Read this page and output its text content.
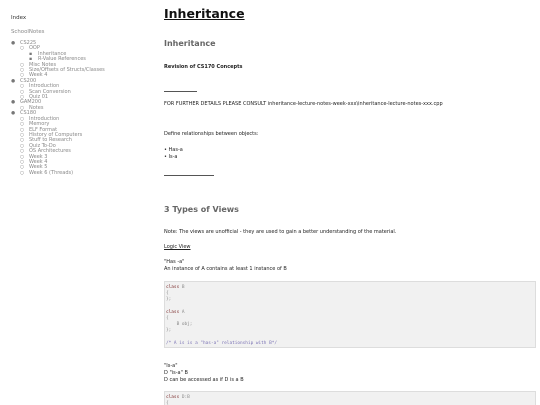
Index
SchoolNotes
● CS225
○ OOP
▪ Inheritance
▪ R-Value References
○ Misc Notes
○ Size/Offsets of Structs/Classes
○ Week 4
● CS200
○ Introduction
○ Scan Conversion
○ Quiz 01
● GAM200
○ Notes
● CS180
○ Introduction
○ Memory
○ ELF Format
○ History of Computers
○ Stuff to Research
○ Quiz To-Do
○ OS Architectures
○ Week 3
○ Week 4
○ Week 5
○ Week 6 (Threads)
Inheritance
Inheritance
Revision of CS170 Concepts
FOR FURTHER DETAILS PLEASE CONSULT inheritance-lecture-notes-week-xxx\inheritance-lecture-notes-xxx.cpp
Define relationships between objects:
• Has-a
• Is-a
3 Types of Views
Note: The views are unofficial - they are used to gain a better understanding of the material.
Logic View
"Has -a"
An instance of A contains at least 1 instance of B
class B
{
};

class A
{
B obj;
};

/* A is is a "has-a" relationship with B*/
"Is-a"
D "is-a" B
D can be accessed as if D is a B
class D:B
{
